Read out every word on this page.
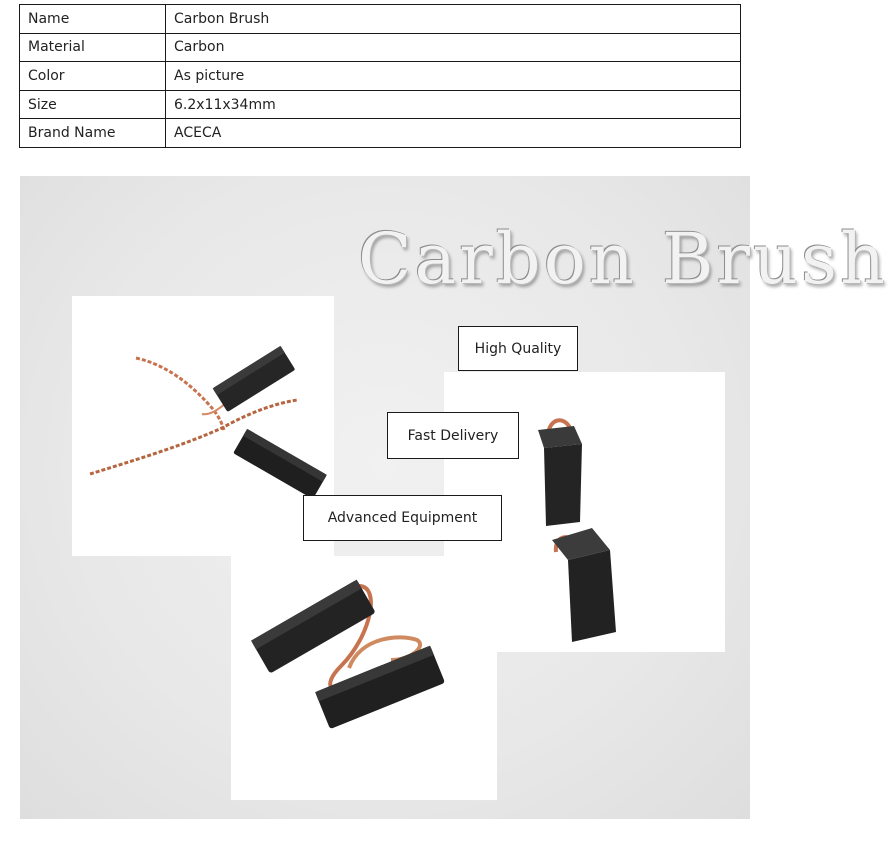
Name	Carbon Brush
Material	Carbon
Color	As picture
Size	6.2x11x34mm
Brand Name	ACECA
Carbon Brush
High Quality
Fast Delivery
Advanced Equipment
